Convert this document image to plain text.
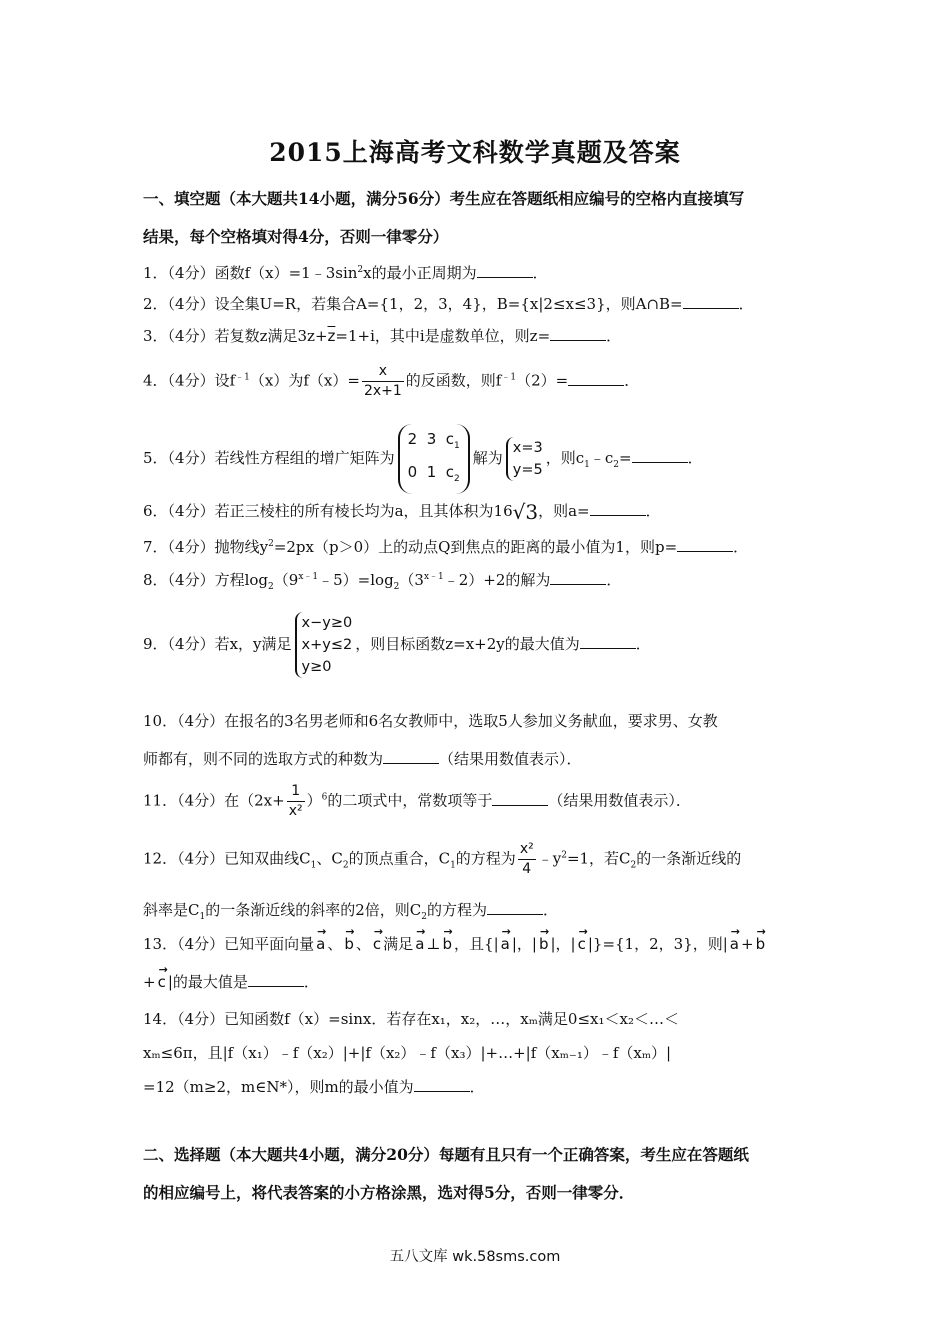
2015上海高考文科数学真题及答案
一、填空题（本大题共14小题，满分56分）考生应在答题纸相应编号的空格内直接填写
结果，每个空格填对得4分，否则一律零分）
1．（4分）函数$f(x)=1﹣3\sin^2x$的最小正周期为	．
2．（4分）设全集U=R，若集合A={1，2，3，4}，B={x|2≤x≤3}，则A∩B=	．
3．（4分）若复数z满足$3z+\overline{z}=1+i$，其中i是虚数单位，则z=	．
4．（4分）设$f^{﹣1}(x)$为$f(x)= \frac{x}{2x+1}$ 的反函数，则$f^{﹣1}(2)=$	．
5．（4分）若线性方程组的增广矩阵为2  3  $c_1$
0  1  $c_2$解为x=3
y=5，则$c_1﹣c_2=$	．
6．（4分）若正三棱柱的所有棱长均为a，且其体积为16√3，则a=	．
7．（4分）抛物线$y^2=2px(p>0)$上的动点Q到焦点的距离的最小值为1，则p=	．
8．（4分）方程$\log_2(9^{x﹣1}﹣5)=\log_2(3^{x﹣1}﹣2)+2$的解为	．
9．（4分）若x，y满足x−y≥0
x+y≤2
y≥0，则目标函数z=x+2y的最大值为	．
10．（4分）在报名的3名男老师和6名女教师中，选取5人参加义务献血，要求男、女教
师都有，则不同的选取方式的种数为	（结果用数值表示）．
11．（4分）在$(2x+ \frac{1}{\text{x²}} )^6$的二项式中，常数项等于	（结果用数值表示）．
12．（4分）已知双曲线$C_1$、$C_2$的顶点重合，$C_1$的方程为 $\frac{\text{x²}}{4}$ $﹣y^2=1$，若$C_2$的一条渐近线的
斜率是$C_1$的一条渐近线的斜率的2倍，则$C_2$的方程为	．
13．（4分）已知平面向量 → a 、 → b 、 → c 满足 → a ⊥ → b ，且{| → a |，| → b |，| → c |}={1，2，3}，则| → a + → b
+ → c |的最大值是	．
14．（4分）已知函数f（x）=sinx．若存在x₁，x₂，…，xₘ满足0≤x₁＜x₂＜…＜
xₘ≤6π，且|f（x₁）﹣f（x₂）|+|f（x₂）﹣f（x₃）|+…+|f（xₘ₋₁）﹣f（xₘ）|
=12（m≥2，m∈N*），则m的最小值为	．
二、选择题（本大题共4小题，满分20分）每题有且只有一个正确答案，考生应在答题纸
的相应编号上，将代表答案的小方格涂黑，选对得5分，否则一律零分．
五八文库 wk.58sms.com
